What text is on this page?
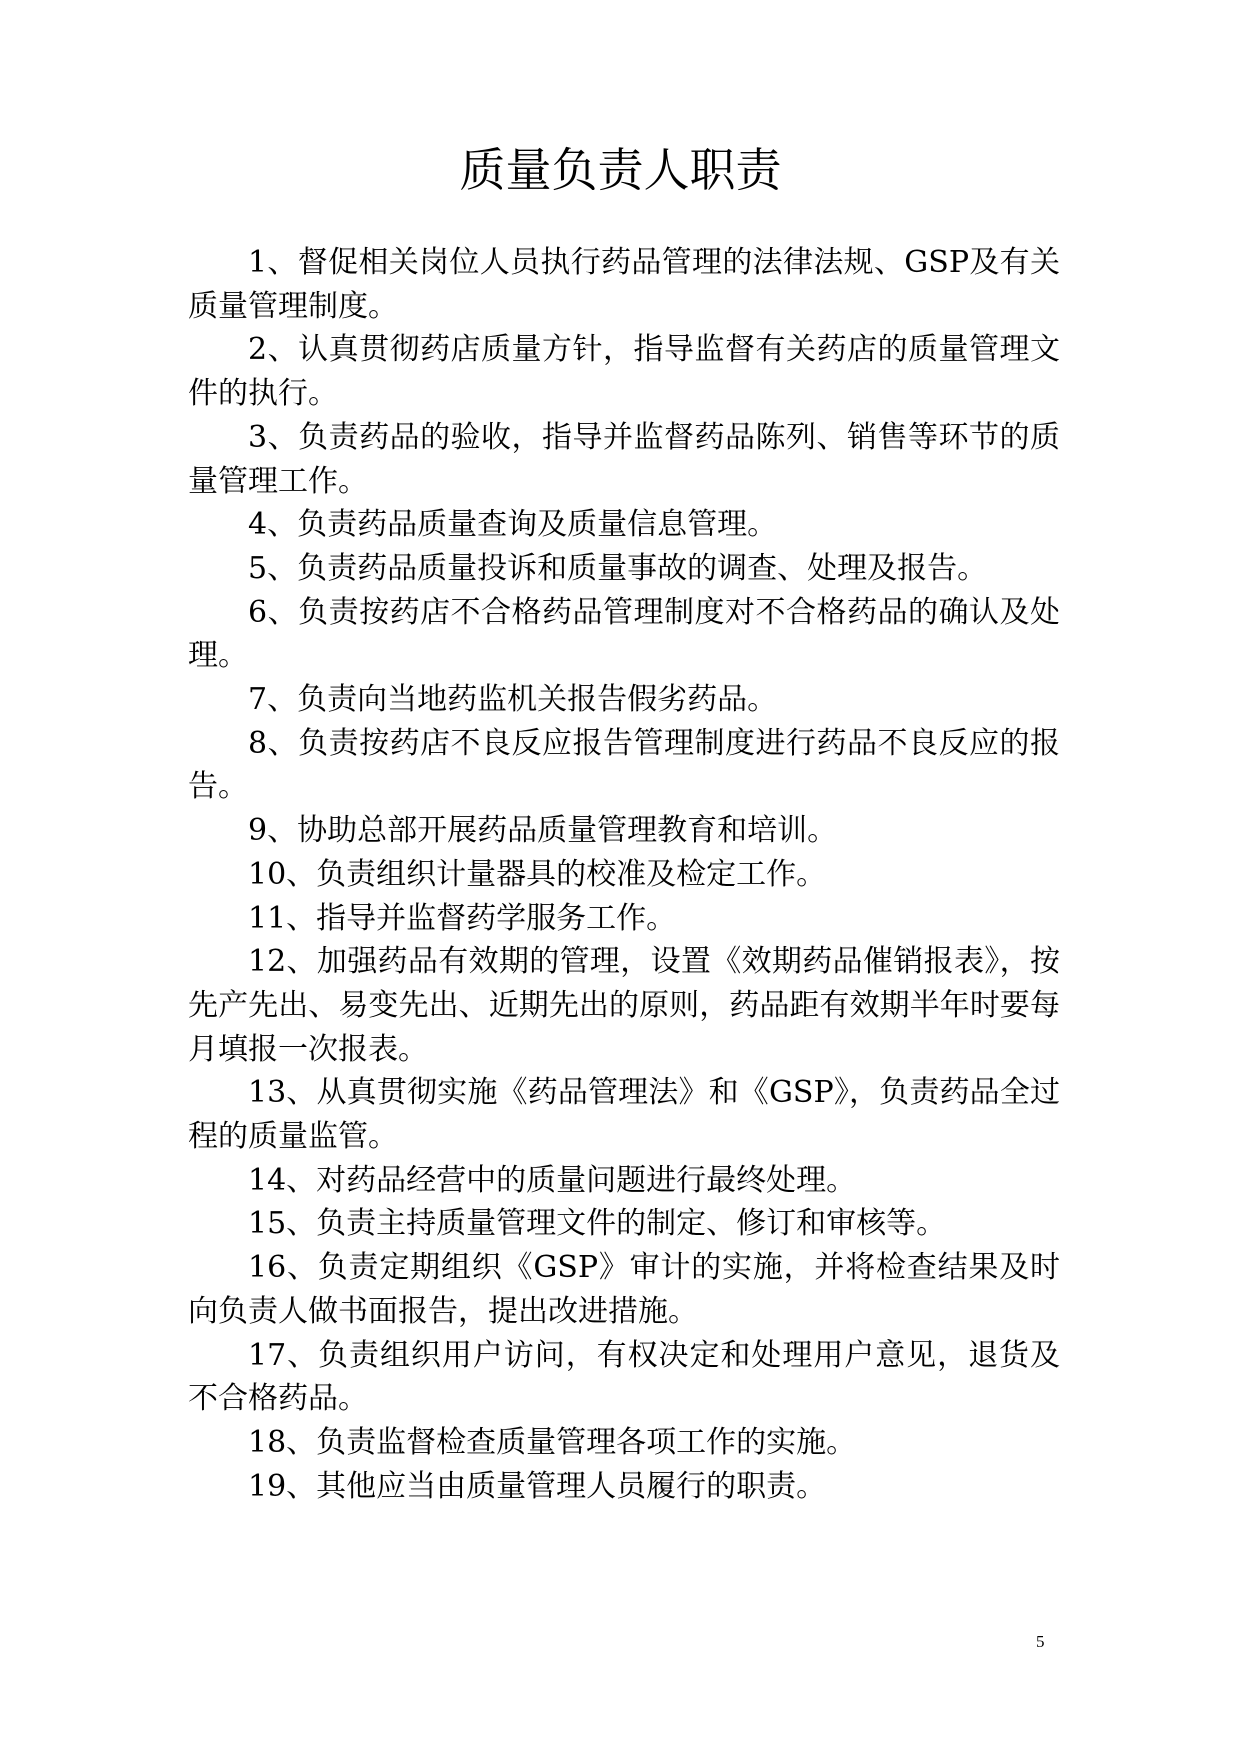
质量负责人职责
1、督促相关岗位人员执行药品管理的法律法规、GSP及有关质量管理制度。
2、认真贯彻药店质量方针，指导监督有关药店的质量管理文件的执行。
3、负责药品的验收，指导并监督药品陈列、销售等环节的质量管理工作。
4、负责药品质量查询及质量信息管理。
5、负责药品质量投诉和质量事故的调查、处理及报告。
6、负责按药店不合格药品管理制度对不合格药品的确认及处理。
7、负责向当地药监机关报告假劣药品。
8、负责按药店不良反应报告管理制度进行药品不良反应的报告。
9、协助总部开展药品质量管理教育和培训。
10、负责组织计量器具的校准及检定工作。
11、指导并监督药学服务工作。
12、加强药品有效期的管理，设置《效期药品催销报表》，按先产先出、易变先出、近期先出的原则，药品距有效期半年时要每月填报一次报表。
13、从真贯彻实施《药品管理法》和《GSP》，负责药品全过程的质量监管。
14、对药品经营中的质量问题进行最终处理。
15、负责主持质量管理文件的制定、修订和审核等。
16、负责定期组织《GSP》审计的实施，并将检查结果及时向负责人做书面报告，提出改进措施。
17、负责组织用户访问，有权决定和处理用户意见，退货及不合格药品。
18、负责监督检查质量管理各项工作的实施。
19、其他应当由质量管理人员履行的职责。
5
